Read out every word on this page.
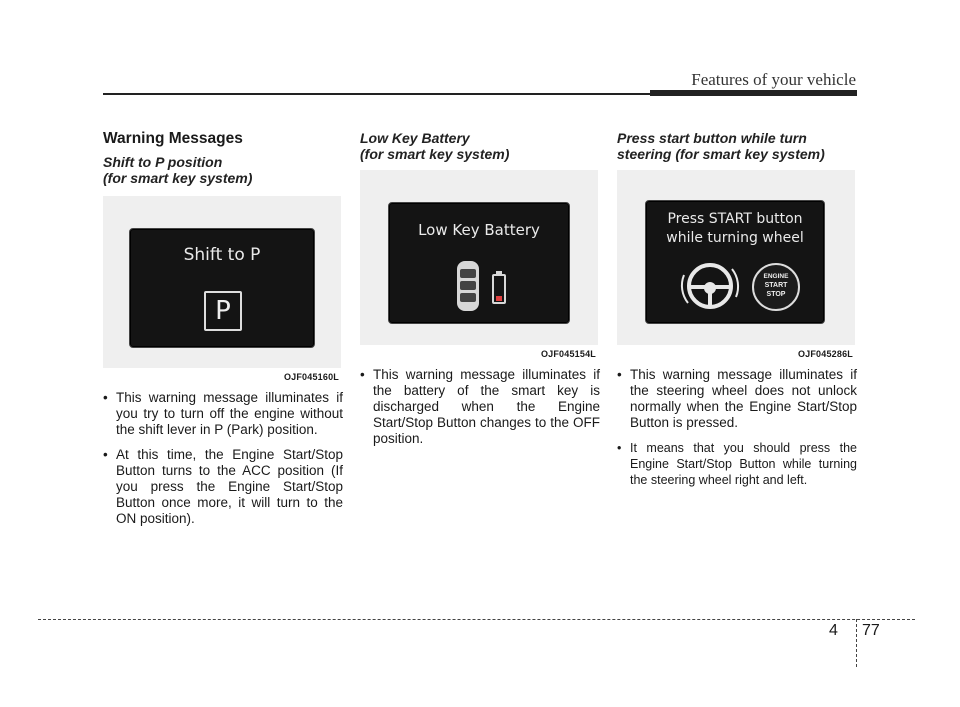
Features of your vehicle
Warning Messages
Shift to P position
(for smart key system)
Shift to P
P
OJF045160L
• This warning message illuminates if you try to turn off the engine without the shift lever in P (Park) position.
• At this time, the Engine Start/Stop Button turns to the ACC position (If you press the Engine Start/Stop Button once more, it will turn to the ON position).
Low Key Battery
(for smart key system)
Low Key Battery
OJF045154L
• This warning message illuminates if the battery of the smart key is discharged when the Engine Start/Stop Button changes to the OFF position.
Press start button while turn
steering (for smart key system)
Press START button
while turning wheel
ENGINE
START
STOP
OJF045286L
• This warning message illuminates if the steering wheel does not unlock normally when the Engine Start/Stop Button is pressed.
• It means that you should press the Engine Start/Stop Button while turning the steering wheel right and left.
4 77
